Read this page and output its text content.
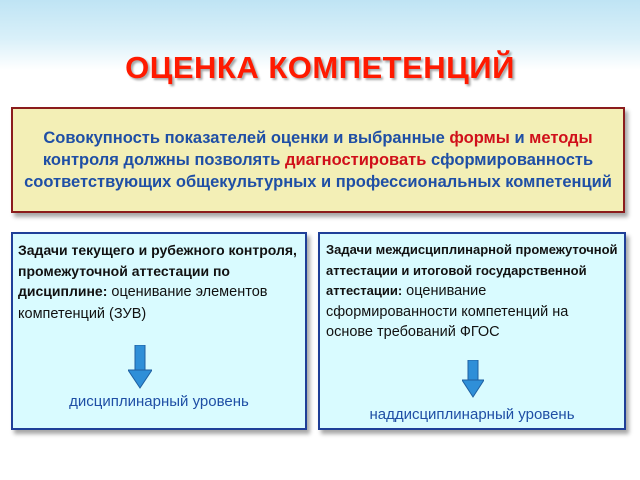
ОЦЕНКА КОМПЕТЕНЦИЙ
Совокупность показателей оценки и выбранные формы и методы контроля должны позволять диагностировать сформированность соответствующих общекультурных и профессиональных компетенций
Задачи текущего и рубежного контроля, промежуточной аттестации по дисциплине: оценивание элементов компетенций (ЗУВ)
дисциплинарный уровень
Задачи междисциплинарной промежуточной аттестации и итоговой государственной аттестации: оценивание сформированности компетенций на основе требований ФГОС
наддисциплинарный уровень
